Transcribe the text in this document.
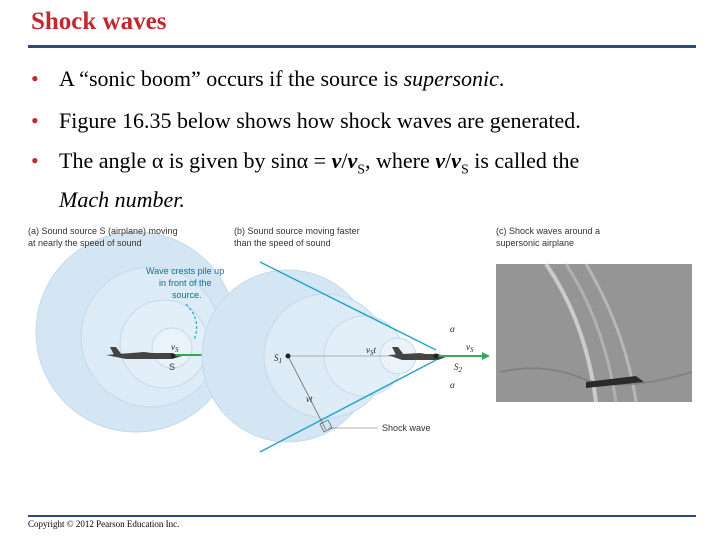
Shock waves
• A “sonic boom” occurs if the source is supersonic.
• Figure 16.35 below shows how shock waves are generated.
• The angle α is given by $\sin\alpha = v/v_S$, where $v/v_S$ is called the
Mach number.
$v_S$
S
(a) Sound source S (airplane) moving
at nearly the speed of sound
Wave crests pile up
in front of the
source.
$S_1$
$S_2$
$v_St$	$v_S$
vt
α
α
Shock wave
(b) Sound source moving faster
than the speed of sound
(c) Shock waves around a
supersonic airplane
Copyright © 2012 Pearson Education Inc.
